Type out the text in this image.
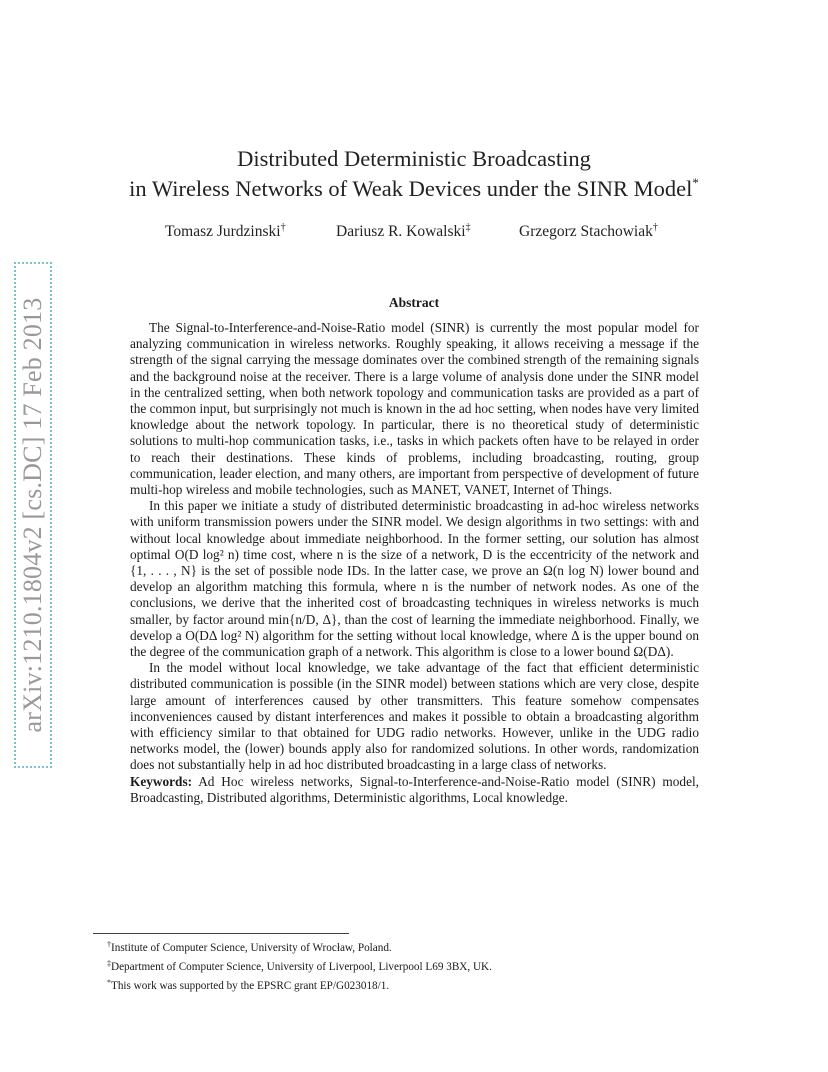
arXiv:1210.1804v2 [cs.DC] 17 Feb 2013
Distributed Deterministic Broadcasting
in Wireless Networks of Weak Devices under the SINR Model*
Tomasz Jurdzinski†	Dariusz R. Kowalski‡	Grzegorz Stachowiak†
Abstract

The Signal-to-Interference-and-Noise-Ratio model (SINR) is currently the most popular model for analyzing communication in wireless networks. Roughly speaking, it allows receiving a message if the strength of the signal carrying the message dominates over the combined strength of the remaining signals and the background noise at the receiver. There is a large volume of analysis done under the SINR model in the centralized setting, when both network topology and communication tasks are provided as a part of the common input, but surprisingly not much is known in the ad hoc setting, when nodes have very limited knowledge about the network topology. In particular, there is no theoretical study of deterministic solutions to multi-hop communication tasks, i.e., tasks in which packets often have to be relayed in order to reach their destinations. These kinds of problems, including broadcasting, routing, group communication, leader election, and many others, are important from perspective of development of future multi-hop wireless and mobile technologies, such as MANET, VANET, Internet of Things.

In this paper we initiate a study of distributed deterministic broadcasting in ad-hoc wireless networks with uniform transmission powers under the SINR model. We design algorithms in two settings: with and without local knowledge about immediate neighborhood. In the former setting, our solution has almost optimal O(D log² n) time cost, where n is the size of a network, D is the eccentricity of the network and {1, . . . , N} is the set of possible node IDs. In the latter case, we prove an Ω(n log N) lower bound and develop an algorithm matching this formula, where n is the number of network nodes. As one of the conclusions, we derive that the inherited cost of broadcasting techniques in wireless networks is much smaller, by factor around min{n/D, Δ}, than the cost of learning the immediate neighborhood. Finally, we develop a O(DΔ log² N) algorithm for the setting without local knowledge, where Δ is the upper bound on the degree of the communication graph of a network. This algorithm is close to a lower bound Ω(DΔ).

In the model without local knowledge, we take advantage of the fact that efficient deterministic distributed communication is possible (in the SINR model) between stations which are very close, despite large amount of interferences caused by other transmitters. This feature somehow compensates inconveniences caused by distant interferences and makes it possible to obtain a broadcasting algorithm with efficiency similar to that obtained for UDG radio networks. However, unlike in the UDG radio networks model, the (lower) bounds apply also for randomized solutions. In other words, randomization does not substantially help in ad hoc distributed broadcasting in a large class of networks.

Keywords: Ad Hoc wireless networks, Signal-to-Interference-and-Noise-Ratio model (SINR) model, Broadcasting, Distributed algorithms, Deterministic algorithms, Local knowledge.

†Institute of Computer Science, University of Wrocław, Poland.
‡Department of Computer Science, University of Liverpool, Liverpool L69 3BX, UK.
*This work was supported by the EPSRC grant EP/G023018/1.
